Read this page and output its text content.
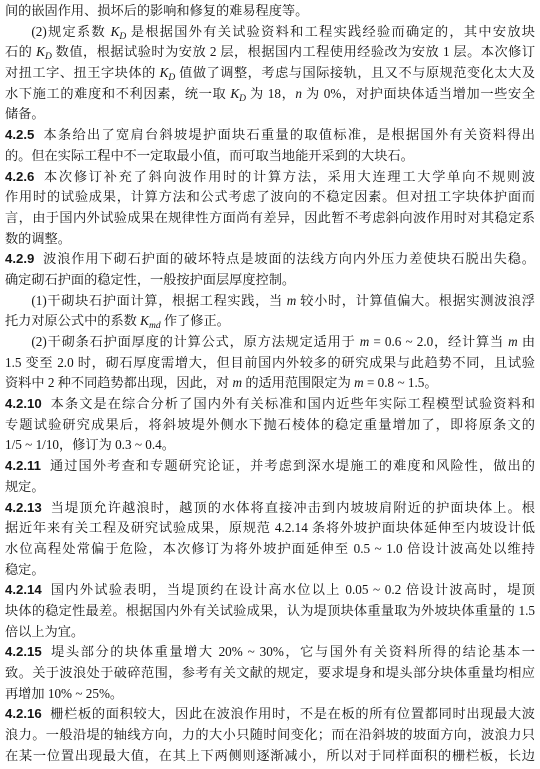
间的嵌固作用、损坏后的影响和修复的难易程度等。
(2)规定系数 $K_D$ 是根据国外有关试验资料和工程实践经验而确定的，其中安放块
石的 $K_D$ 数值，根据试验时为安放 2 层，根据国内工程使用经验改为安放 1 层。本次修订
对扭工字、扭王字块体的 $K_D$ 值做了调整，考虑与国际接轨，且又不与原规范变化太大及
水下施工的难度和不利因素，统一取 $K_D$ 为 18，n 为 0%，对护面块体适当增加一些安全
储备。
4.2.5 本条给出了宽肩台斜坡堤护面块石重量的取值标准，是根据国外有关资料得出
的。但在实际工程中不一定取最小值，而可取当地能开采到的大块石。
4.2.6 本次修订补充了斜向波作用时的计算方法，采用大连理工大学单向不规则波
作用时的试验成果，计算方法和公式考虑了波向的不稳定因素。但对扭工字块体护面而
言，由于国内外试验成果在规律性方面尚有差异，因此暂不考虑斜向波作用时对其稳定系
数的调整。
4.2.9 波浪作用下砌石护面的破坏特点是坡面的法线方向内外压力差使块石脱出失稳。
确定砌石护面的稳定性，一般按护面层厚度控制。
(1)干砌块石护面计算，根据工程实践，当 m 较小时，计算值偏大。根据实测波浪浮
托力对原公式中的系数 $K_{md}$ 作了修正。
(2)干砌条石护面厚度的计算公式，原方法规定适用于 m = 0.6 ~ 2.0，经计算当 m 由
1.5 变至 2.0 时，砌石厚度需增大，但目前国内外较多的研究成果与此趋势不同，且试验
资料中 2 种不同趋势都出现，因此，对 m 的适用范围限定为 m = 0.8 ~ 1.5。
4.2.10 本条文是在综合分析了国内外有关标准和国内近些年实际工程模型试验资料和
专题试验研究成果后，将斜坡堤外侧水下抛石棱体的稳定重量增加了，即将原条文的
1/5 ~ 1/10，修订为 0.3 ~ 0.4。
4.2.11 通过国外考查和专题研究论证，并考虑到深水堤施工的难度和风险性，做出的
规定。
4.2.13 当堤顶允许越浪时，越顶的水体将直接冲击到内坡坡肩附近的护面块体上。根
据近年来有关工程及研究试验成果，原规范 4.2.14 条将外坡护面块体延伸至内坡设计低
水位高程处常偏于危险，本次修订为将外坡护面延伸至 0.5 ~ 1.0 倍设计波高处以维持
稳定。
4.2.14 国内外试验表明，当堤顶约在设计高水位以上 0.05 ~ 0.2 倍设计波高时，堤顶
块体的稳定性最差。根据国内外有关试验成果，认为堤顶块体重量取为外坡块体重量的 1.5
倍以上为宜。
4.2.15 堤头部分的块体重量增大 20% ~ 30%，它与国外有关资料所得的结论基本一
致。关于波浪处于破碎范围，参考有关文献的规定，要求堤身和堤头部分块体重量均相应
再增加 10% ~ 25%。
4.2.16 栅栏板的面积较大，因此在波浪作用时，不是在板的所有位置都同时出现最大波
浪力。一般沿堤的轴线方向，力的大小只随时间变化；而在沿斜坡的坡面方向，波浪力只
在某一位置出现最大值，在其上下两侧则逐渐减小，所以对于同样面积的栅栏板，长边
